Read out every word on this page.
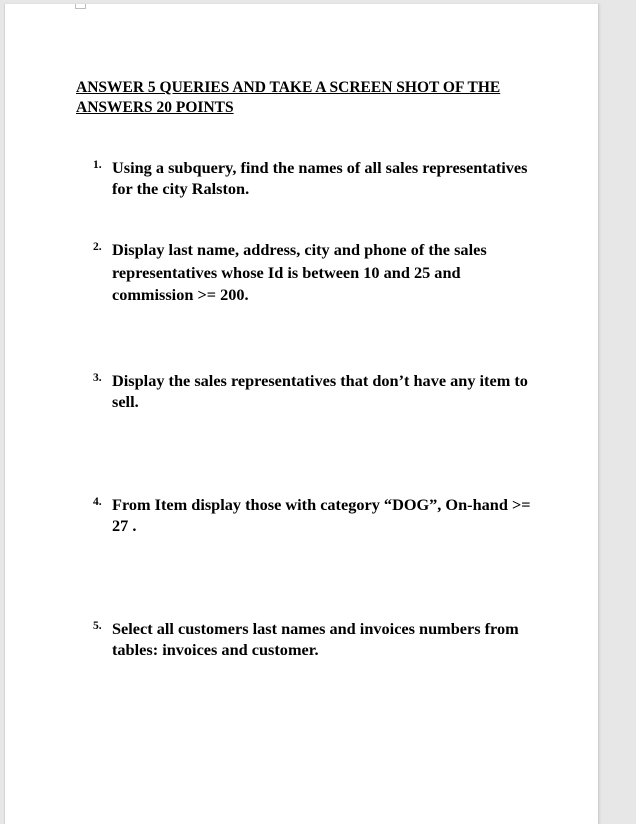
ANSWER 5 QUERIES AND TAKE A SCREEN SHOT OF THE ANSWERS 20 POINTS

1. Using a subquery, find the names of all sales representatives for the city Ralston.

2. Display last name, address, city and phone of the sales representatives whose Id is between 10 and 25 and commission >= 200.

3. Display the sales representatives that don’t have any item to sell.

4. From Item display those with category “DOG”, On-hand >= 27 .

5. Select all customers last names and invoices numbers from tables: invoices and customer.
